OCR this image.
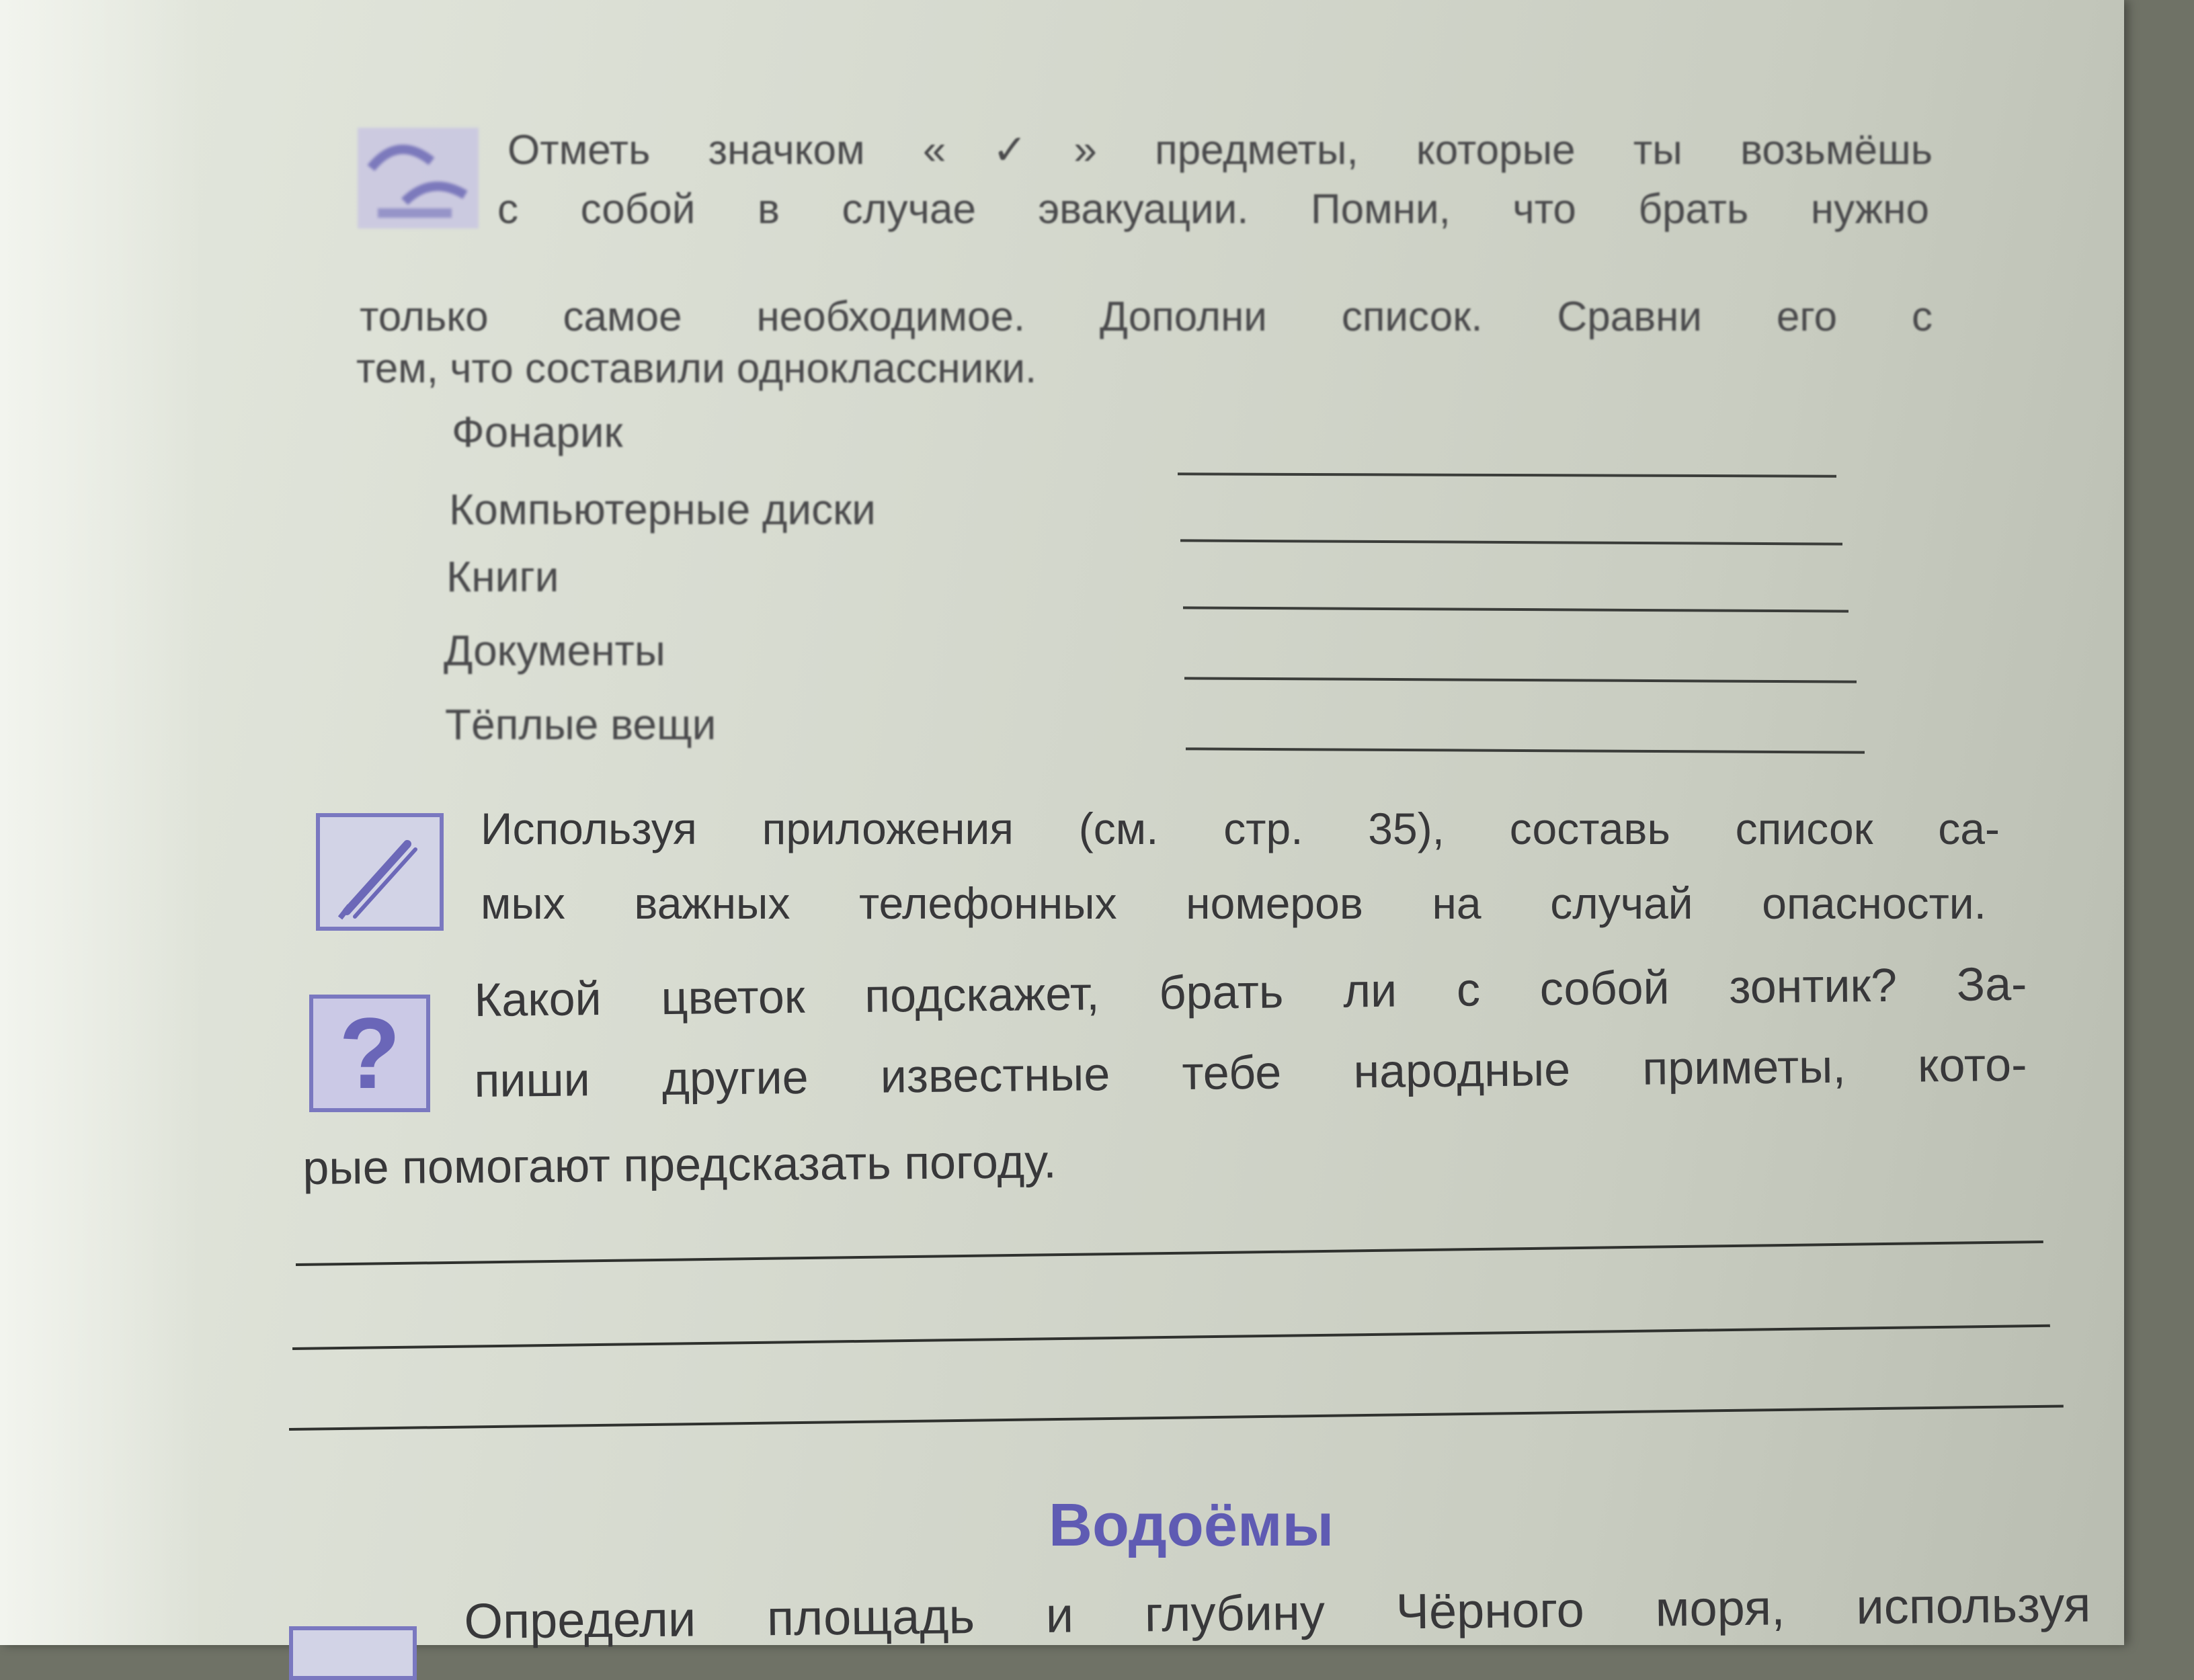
Отметь значком «✓» предметы, которые ты возьмёшь
с собой в случае эвакуации. Помни, что брать нужно
только самое необходимое. Дополни список. Сравни его с
тем, что составили одноклассники.
Фонарик
Компьютерные диски
Книги
Документы
Тёплые вещи
Используя приложения (см. стр. 35), составь список са-
мых важных телефонных номеров на случай опасности.
?
Какой цветок подскажет, брать ли с собой зонтик? За-
пиши другие известные тебе народные приметы, кото-
рые помогают предсказать погоду.
Водоёмы
Определи площадь и глубину Чёрного моря, используя
